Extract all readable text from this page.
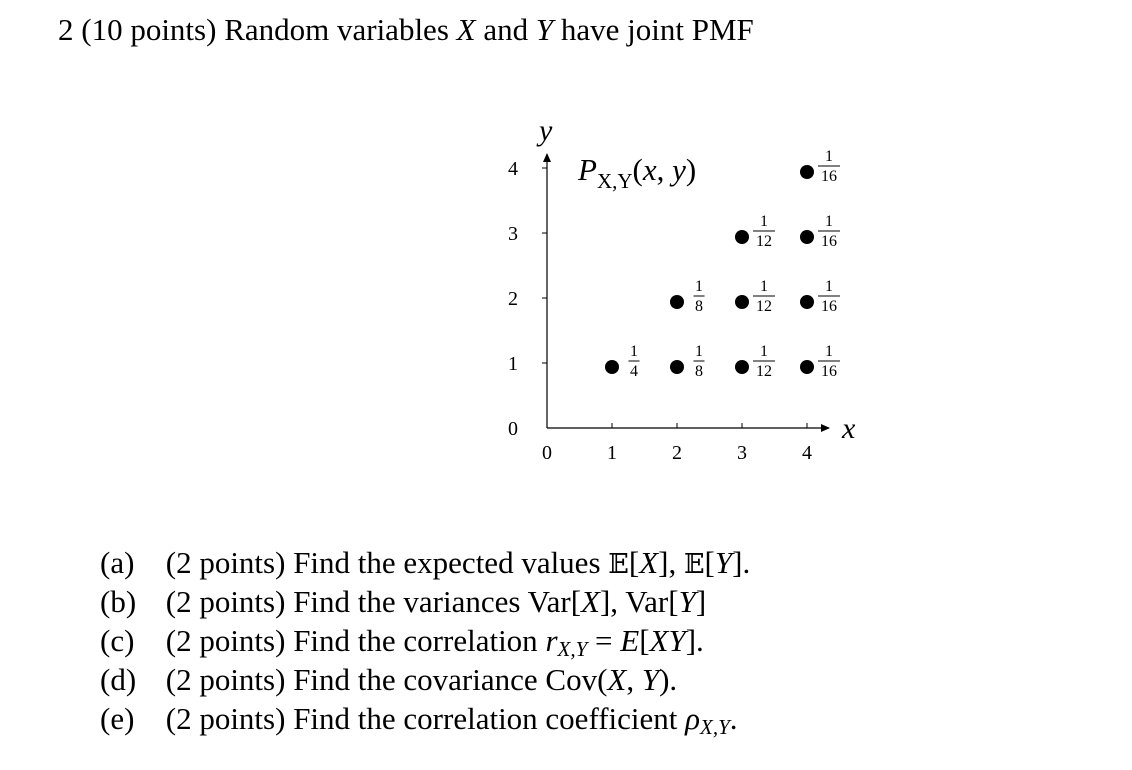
2 (10 points) Random variables X and Y have joint PMF
x
y
0	1	2	3	4
0
1
2
3
4
1
4
1
8
1
8
1
12
1
12
1
12
1
16
1
16
1
16
1
16
$P_{X,Y}(x$, y)
(a) (2 points) Find the expected values 𝔼[X], 𝔼[Y].
(b) (2 points) Find the variances Var[X], Var[Y]
(c) (2 points) Find the correlation $r_{X,Y} = E[XY]$.
(d) (2 points) Find the covariance Cov(X, Y).
(e) (2 points) Find the correlation coefficient $\rho_{X,Y}$.
